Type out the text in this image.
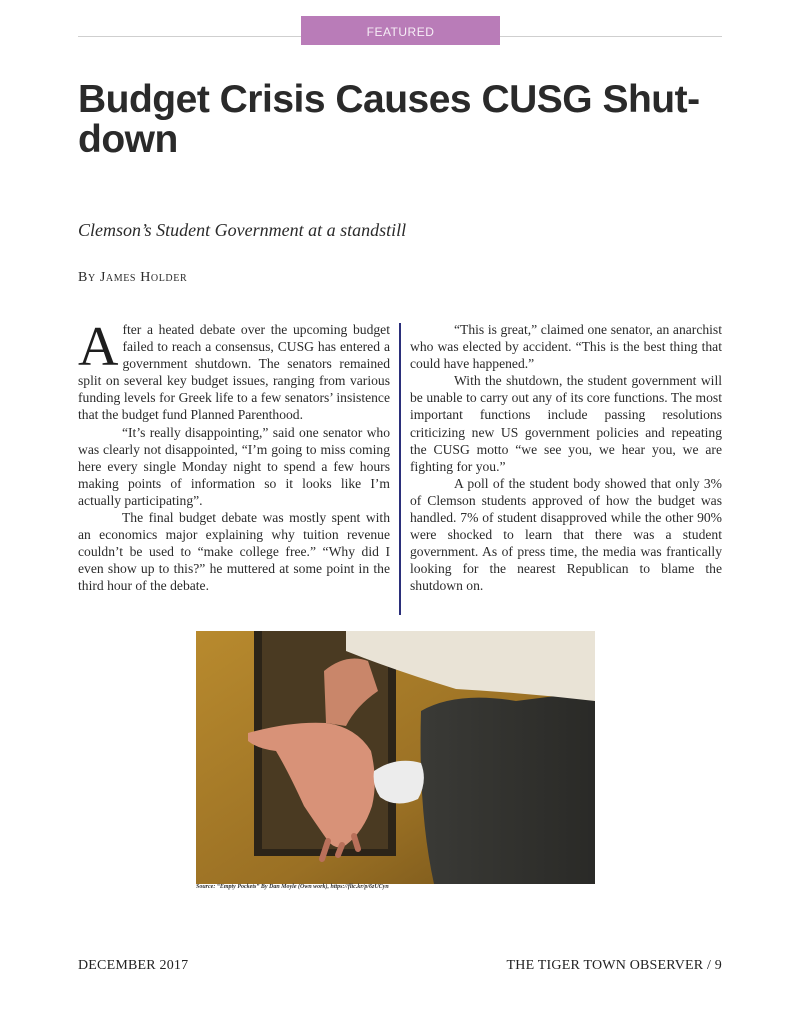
FEATURED
Budget Crisis Causes CUSG Shut-down

Clemson’s Student Government at a standstill

By James Holder

After a heated debate over the upcoming budget failed to reach a consensus, CUSG has entered a government shutdown. The senators remained split on several key budget issues, ranging from various funding levels for Greek life to a few senators’ insistence that the budget fund Planned Parenthood.

“It’s really disappointing,” said one senator who was clearly not disappointed, “I’m going to miss coming here every single Monday night to spend a few hours making points of information so it looks like I’m actually participating”.

The final budget debate was mostly spent with an economics major explaining why tuition revenue couldn’t be used to “make college free.” “Why did I even show up to this?” he muttered at some point in the third hour of the debate.

“This is great,” claimed one senator, an anarchist who was elected by accident. “This is the best thing that could have happened.”

With the shutdown, the student government will be unable to carry out any of its core functions. The most important functions include passing resolutions criticizing new US government policies and repeating the CUSG motto “we see you, we hear you, we are fighting for you.”

A poll of the student body showed that only 3% of Clemson students approved of how the budget was handled. 7% of student disapproved while the other 90% were shocked to learn that there was a student government. As of press time, the media was frantically looking for the nearest Republican to blame the shutdown on.

Source: “Empty Pockets” By Dan Moyle (Own work), https://flic.kr/p/6zUCyn
DECEMBER 2017	THE TIGER TOWN OBSERVER / 9
